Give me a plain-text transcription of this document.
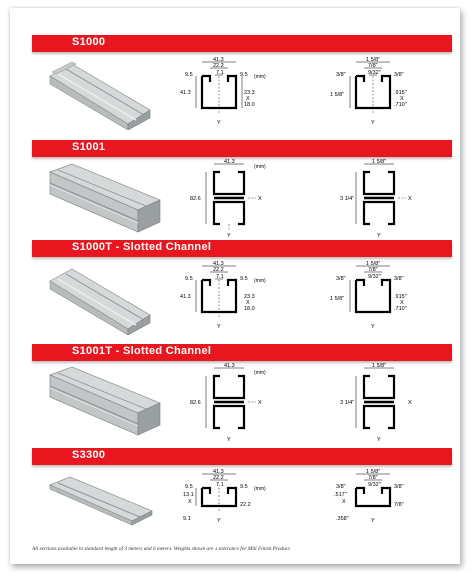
S1000
41.3
22.2
7.1
9.5	9.5
41.3	23.3
X
18.0
Y
(mm)
1 5/8"
7/8"
9/32"
3/8"	3/8"
1 5/8"	.915"
X
.710"
Y
S1001
41.3
82.6	X
Y
(mm)
1 5/8"
3 1/4"	X
Y
S1000T - Slotted Channel
41.3
22.2
7.1
9.5	9.5
41.3	23.3
X
18.0
Y
(mm)
1 5/8"
7/8"
9/32"
3/8"	3/8"
1 5/8"	.915"
X
.710"
Y
S1001T - Slotted Channel
41.3
82.6	X
Y
(mm)
1 5/8"
3 1/4"	X
Y
S3300
41.3
22.2
7.1
9.5	9.5
13.1
X	22.2
9.1	Y
(mm)
1 5/8"
7/8"
9/32"
3/8"	3/8"
.517"
X	7/8"
.358"	Y
All sections available in standard length of 3 meters and 6 meters. Weights shown are ± tolerance for Mill Finish Product.
